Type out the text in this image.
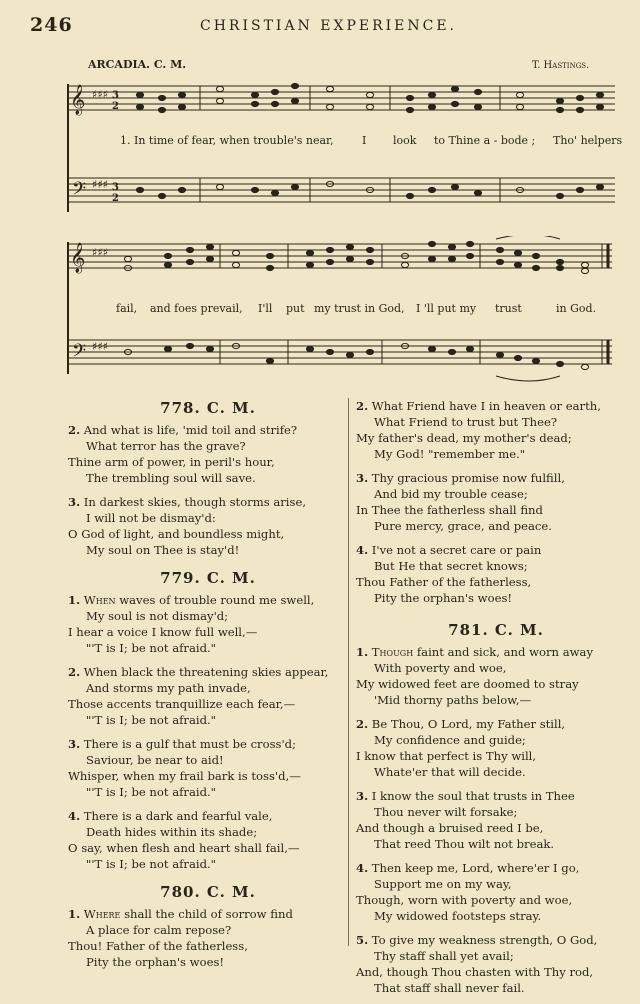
246	CHRISTIAN EXPERIENCE.
ARCADIA. C. M.	T. Hastings.
𝄞
𝄢
♯♯♯
♯♯♯
3
2
3
2
1. In time of fear, when trouble's near,	I look to Thine a - bode ; Tho' helpers
𝄞
𝄢
♯♯♯
♯♯♯
fail, and foes prevail, I'll put my trust in God, I 'll put my trust	in God.
778. C. M.
2. And what is life, 'mid toil and strife?
What terror has the grave?
Thine arm of power, in peril's hour,
The trembling soul will save.
3. In darkest skies, though storms arise,
I will not be dismay'd:
O God of light, and boundless might,
My soul on Thee is stay'd!
779. C. M.
1. When waves of trouble round me swell,
My soul is not dismay'd;
I hear a voice I know full well,—
"'T is I; be not afraid."
2. When black the threatening skies appear,
And storms my path invade,
Those accents tranquillize each fear,—
"'T is I; be not afraid."
3. There is a gulf that must be cross'd;
Saviour, be near to aid!
Whisper, when my frail bark is toss'd,—
"'T is I; be not afraid."
4. There is a dark and fearful vale,
Death hides within its shade;
O say, when flesh and heart shall fail,—
"'T is I; be not afraid."
780. C. M.
1. Where shall the child of sorrow find
A place for calm repose?
Thou! Father of the fatherless,
Pity the orphan's woes!
2. What Friend have I in heaven or earth,
What Friend to trust but Thee?
My father's dead, my mother's dead;
My God! "remember me."
3. Thy gracious promise now fulfill,
And bid my trouble cease;
In Thee the fatherless shall find
Pure mercy, grace, and peace.
4. I've not a secret care or pain
But He that secret knows;
Thou Father of the fatherless,
Pity the orphan's woes!
781. C. M.
1. Though faint and sick, and worn away
With poverty and woe,
My widowed feet are doomed to stray
'Mid thorny paths below,—
2. Be Thou, O Lord, my Father still,
My confidence and guide;
I know that perfect is Thy will,
Whate'er that will decide.
3. I know the soul that trusts in Thee
Thou never wilt forsake;
And though a bruised reed I be,
That reed Thou wilt not break.
4. Then keep me, Lord, where'er I go,
Support me on my way,
Though, worn with poverty and woe,
My widowed footsteps stray.
5. To give my weakness strength, O God,
Thy staff shall yet avail;
And, though Thou chasten with Thy rod,
That staff shall never fail.
